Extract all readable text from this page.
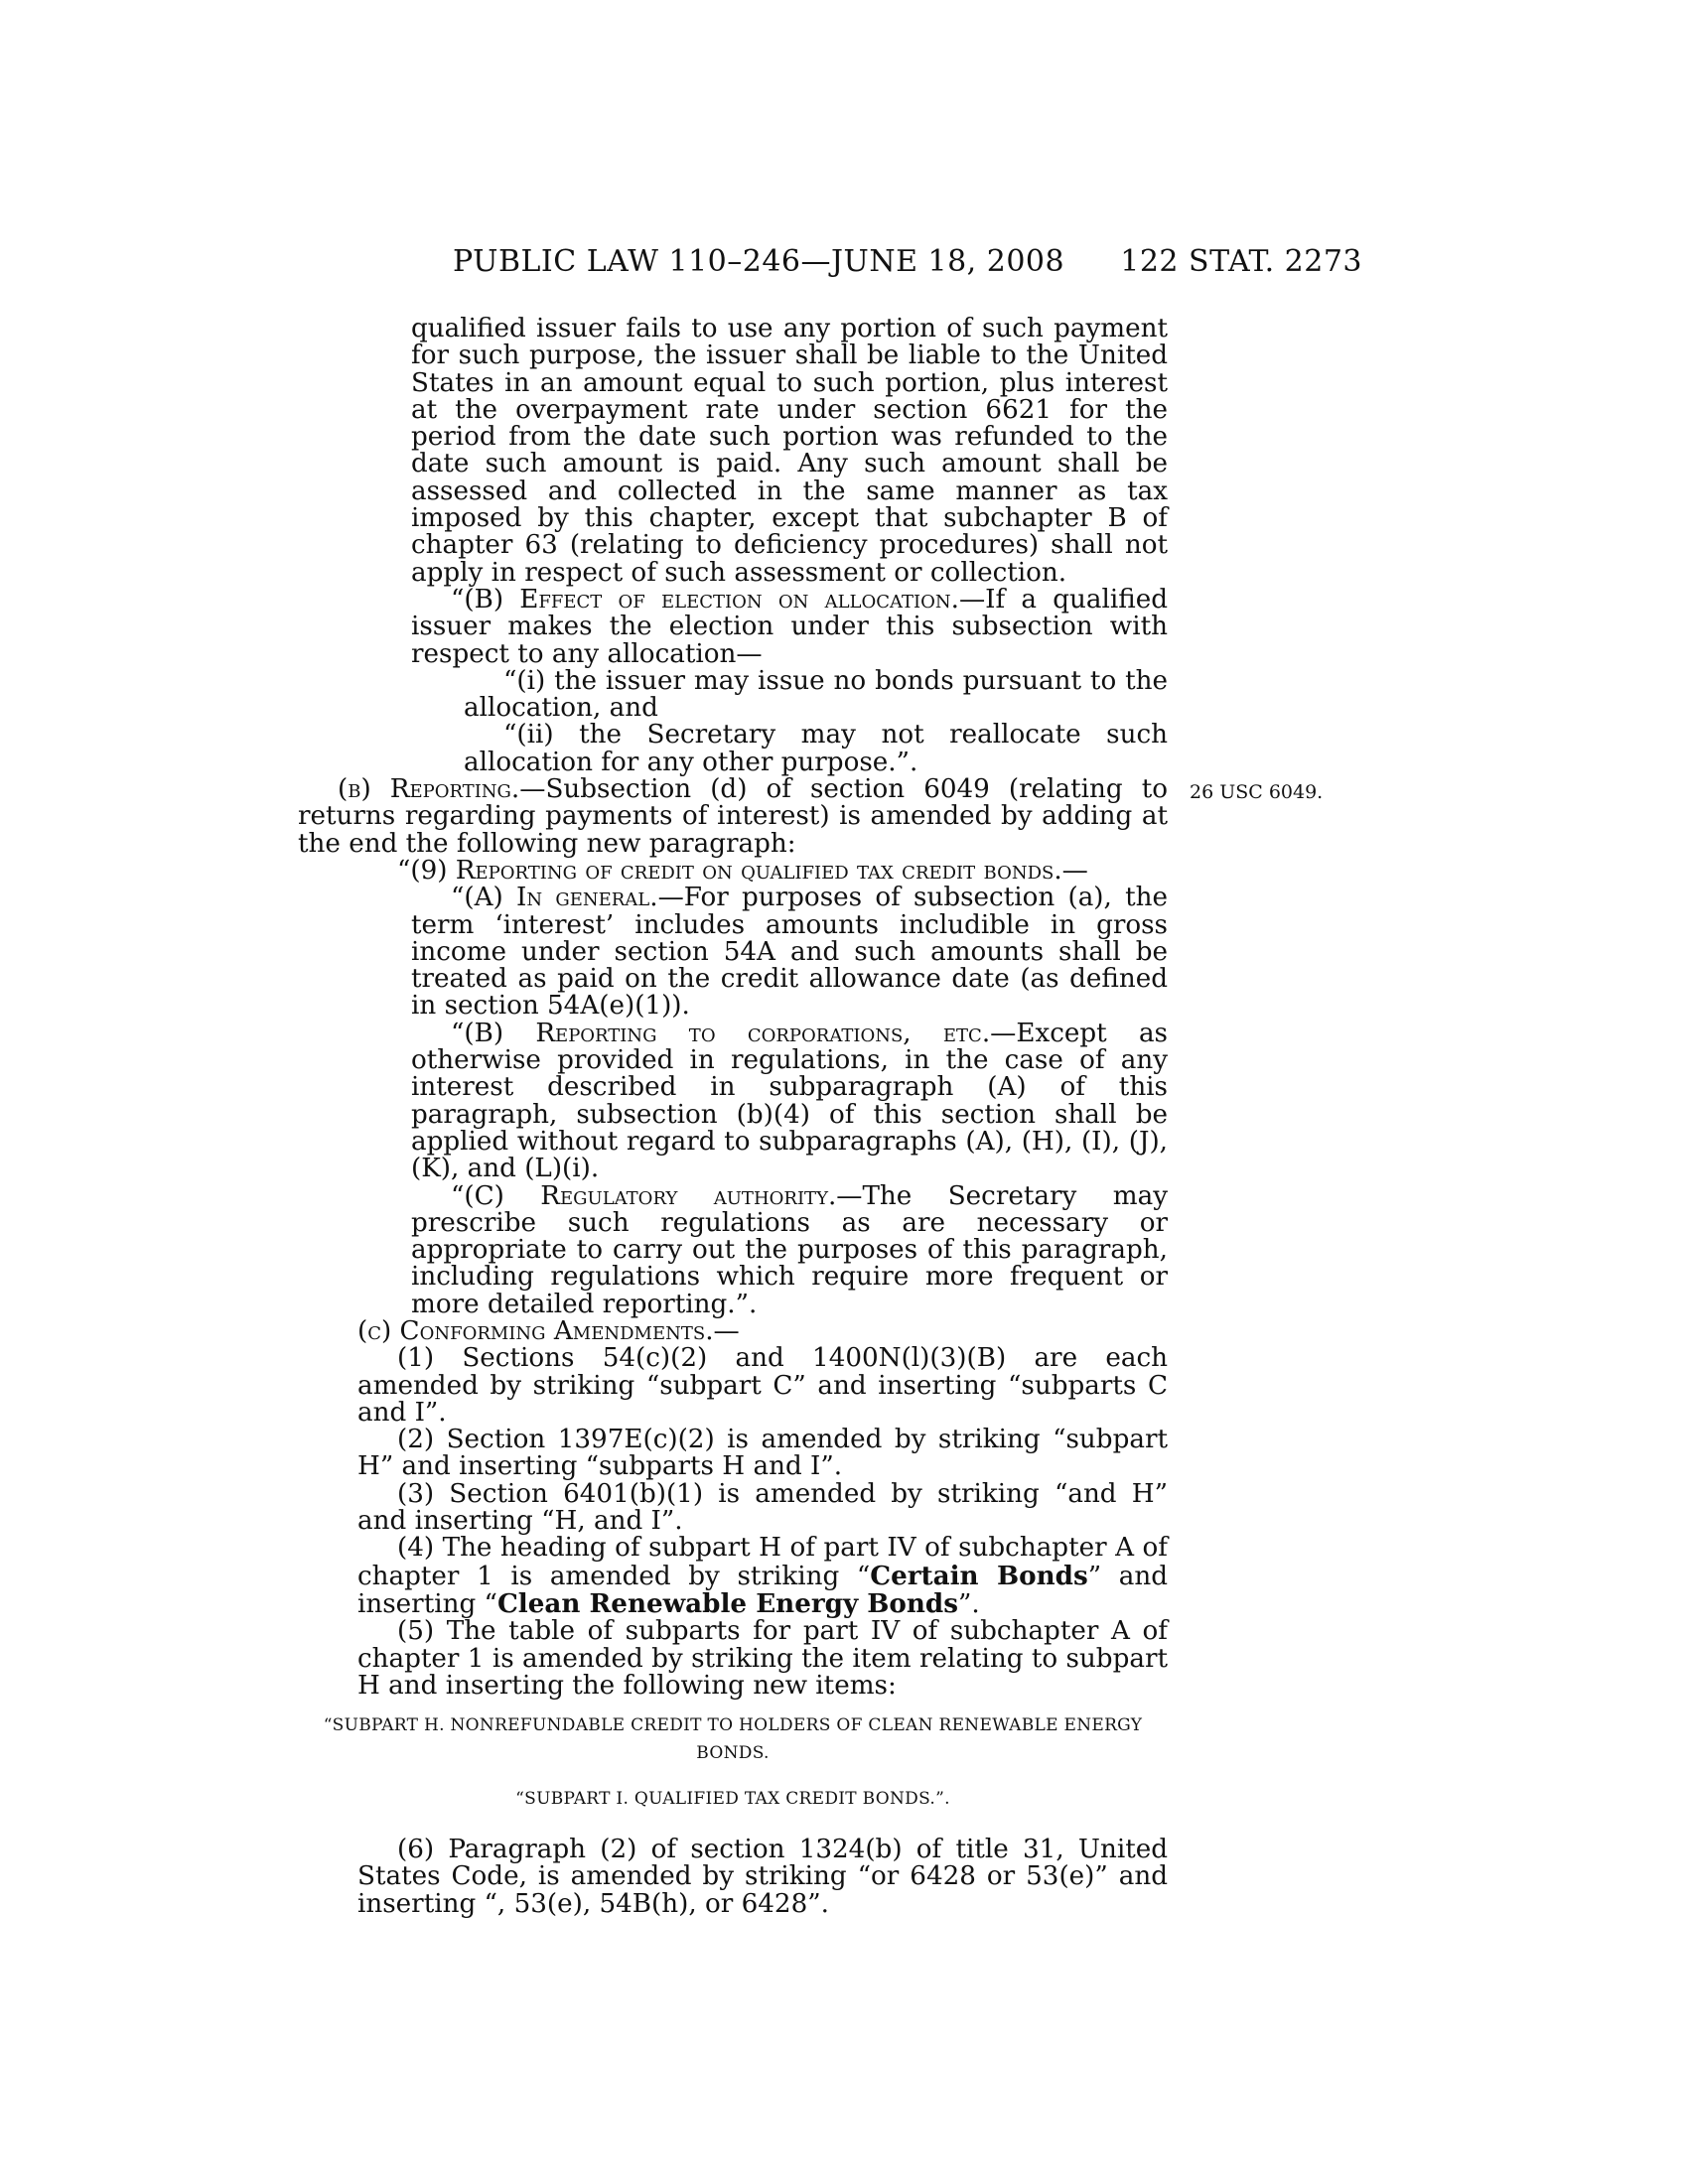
PUBLIC LAW 110–246—JUNE 18, 2008 122 STAT. 2273
26 USC 6049.

qualified issuer fails to use any portion of such payment for such purpose, the issuer shall be liable to the United States in an amount equal to such portion, plus interest at the overpayment rate under section 6621 for the period from the date such portion was refunded to the date such amount is paid. Any such amount shall be assessed and collected in the same manner as tax imposed by this chapter, except that subchapter B of chapter 63 (relating to deficiency procedures) shall not apply in respect of such assessment or collection.

“(B) Effect of election on allocation.—If a qualified issuer makes the election under this subsection with respect to any allocation—

“(i) the issuer may issue no bonds pursuant to the allocation, and

“(ii) the Secretary may not reallocate such allocation for any other purpose.”.

(b) Reporting.—Subsection (d) of section 6049 (relating to returns regarding payments of interest) is amended by adding at the end the following new paragraph:

“(9) Reporting of credit on qualified tax credit bonds.—

“(A) In general.—For purposes of subsection (a), the term ‘interest’ includes amounts includible in gross income under section 54A and such amounts shall be treated as paid on the credit allowance date (as defined in section 54A(e)(1)).

“(B) Reporting to corporations, etc.—Except as otherwise provided in regulations, in the case of any interest described in subparagraph (A) of this paragraph, subsection (b)(4) of this section shall be applied without regard to subparagraphs (A), (H), (I), (J), (K), and (L)(i).

“(C) Regulatory authority.—The Secretary may prescribe such regulations as are necessary or appropriate to carry out the purposes of this paragraph, including regulations which require more frequent or more detailed reporting.”.

(c) Conforming Amendments.—

(1) Sections 54(c)(2) and 1400N(l)(3)(B) are each amended by striking “subpart C” and inserting “subparts C and I”.

(2) Section 1397E(c)(2) is amended by striking “subpart H” and inserting “subparts H and I”.

(3) Section 6401(b)(1) is amended by striking “and H” and inserting “H, and I”.

(4) The heading of subpart H of part IV of subchapter A of chapter 1 is amended by striking “Certain Bonds” and inserting “Clean Renewable Energy Bonds”.

(5) The table of subparts for part IV of subchapter A of chapter 1 is amended by striking the item relating to subpart H and inserting the following new items:

“SUBPART H. NONREFUNDABLE CREDIT TO HOLDERS OF CLEAN RENEWABLE ENERGY

BONDS.

“SUBPART I. QUALIFIED TAX CREDIT BONDS.”.

(6) Paragraph (2) of section 1324(b) of title 31, United States Code, is amended by striking “or 6428 or 53(e)” and inserting “, 53(e), 54B(h), or 6428”.
